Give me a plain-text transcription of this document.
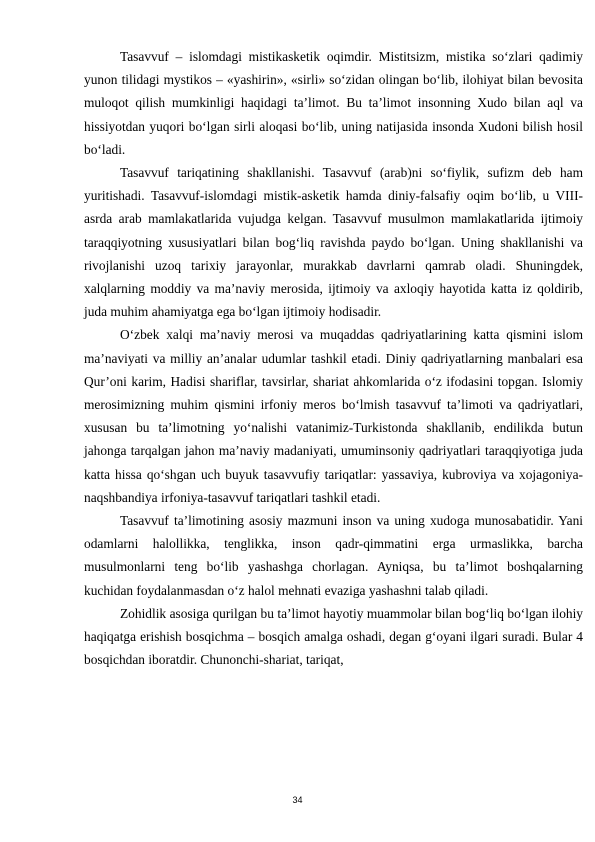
Tasavvuf – islomdagi mistikasketik oqimdir. Mistitsizm, mistika so‘zlari qadimiy yunon tilidagi mystikos – «yashirin», «sirli» so‘zidan olingan bo‘lib, ilohiyat bilan bevosita muloqot qilish mumkinligi haqidagi ta’limot. Bu ta’limot insonning Xudo bilan aql va hissiyotdan yuqori bo‘lgan sirli aloqasi bo‘lib, uning natijasida insonda Xudoni bilish hosil bo‘ladi.

Tasavvuf tariqatining shakllanishi. Tasavvuf (arab)ni so‘fiylik, sufizm deb ham yuritishadi. Tasavvuf-islomdagi mistik-asketik hamda diniy-falsafiy oqim bo‘lib, u VIII-asrda arab mamlakatlarida vujudga kelgan. Tasavvuf musulmon mamlakatlarida ijtimoiy taraqqiyotning xususiyatlari bilan bog‘liq ravishda paydo bo‘lgan. Uning shakllanishi va rivojlanishi uzoq tarixiy jarayonlar, murakkab davrlarni qamrab oladi. Shuningdek, xalqlarning moddiy va ma’naviy merosida, ijtimoiy va axloqiy hayotida katta iz qoldirib, juda muhim ahamiyatga ega bo‘lgan ijtimoiy hodisadir.

O‘zbek xalqi ma’naviy merosi va muqaddas qadriyatlarining katta qismini islom ma’naviyati va milliy an’analar udumlar tashkil etadi. Diniy qadriyatlarning manbalari esa Qur’oni karim, Hadisi shariflar, tavsirlar, shariat ahkomlarida o‘z ifodasini topgan. Islomiy merosimizning muhim qismini irfoniy meros bo‘lmish tasavvuf ta’limoti va qadriyatlari, xususan bu ta’limotning yo‘nalishi vatanimiz-Turkistonda shakllanib, endilikda butun jahonga tarqalgan jahon ma’naviy madaniyati, umuminsoniy qadriyatlari taraqqiyotiga juda katta hissa qo‘shgan uch buyuk tasavvufiy tariqatlar: yassaviya, kubroviya va xojagoniya-naqshbandiya irfoniya-tasavvuf tariqatlari tashkil etadi.

Tasavvuf ta’limotining asosiy mazmuni inson va uning xudoga munosabatidir. Yani odamlarni halollikka, tenglikka, inson qadr-qimmatini erga urmaslikka, barcha musulmonlarni teng bo‘lib yashashga chorlagan. Ayniqsa, bu ta’limot boshqalarning kuchidan foydalanmasdan o‘z halol mehnati evaziga yashashni talab qiladi.

Zohidlik asosiga qurilgan bu ta’limot hayotiy muammolar bilan bog‘liq bo‘lgan ilohiy haqiqatga erishish bosqichma – bosqich amalga oshadi, degan g‘oyani ilgari suradi. Bular 4 bosqichdan iboratdir. Chunonchi-shariat, tariqat,

34
